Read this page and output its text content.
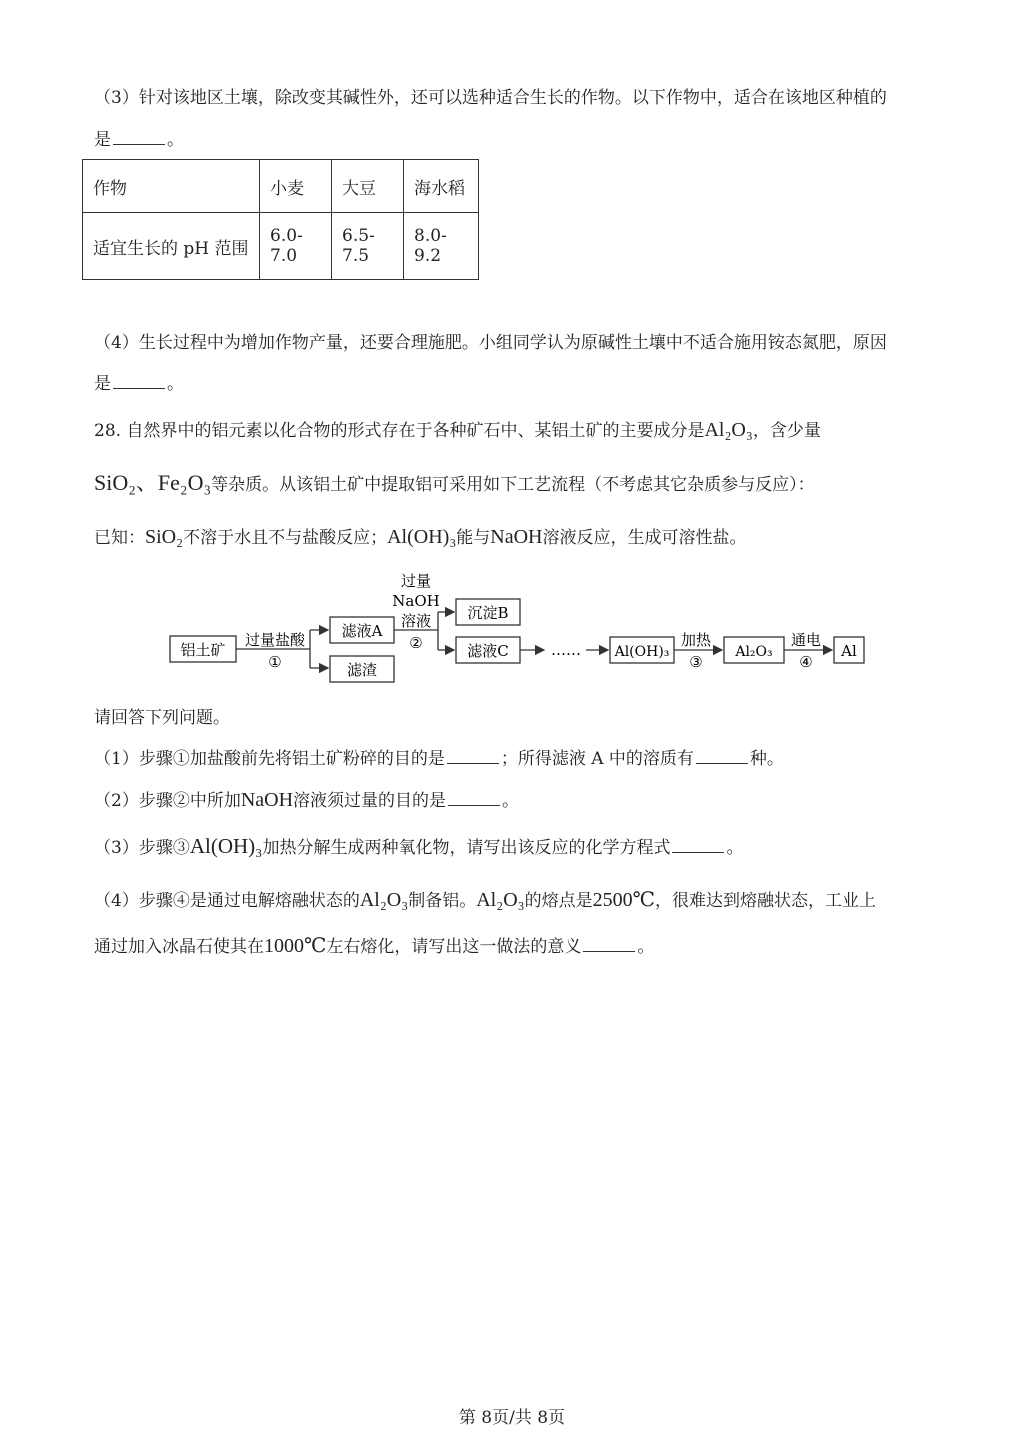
（3）针对该地区土壤，除改变其碱性外，还可以选种适合生长的作物。以下作物中，适合在该地区种植的
是	。
作物	小麦	大豆	海水稻
适宜生长的 pH 范围	6.0-7.0	6.5-7.5	8.0-9.2
（4）生长过程中为增加作物产量，还要合理施肥。小组同学认为原碱性土壤中不适合施用铵态氮肥，原因
是	。
28. 自然界中的铝元素以化合物的形式存在于各种矿石中、某铝土矿的主要成分是Al₂O₃，含少量
SiO₂、Fe₂O₃等杂质。从该铝土矿中提取铝可采用如下工艺流程（不考虑其它杂质参与反应）：
已知：SiO₂不溶于水且不与盐酸反应；Al(OH)₃能与NaOH溶液反应，生成可溶性盐。
铝土矿
过量盐酸
①
滤液A
滤渣
过量
NaOH
溶液
②
沉淀B
滤液C	…… Al(OH)₃
加热
③
Al₂O₃
通电
④
Al
请回答下列问题。
（1）步骤①加盐酸前先将铝土矿粉碎的目的是	；所得滤液 A 中的溶质有	种。
（2）步骤②中所加NaOH溶液须过量的目的是	。
（3）步骤③Al(OH)₃加热分解生成两种氧化物，请写出该反应的化学方程式	。
（4）步骤④是通过电解熔融状态的Al₂O₃制备铝。Al₂O₃的熔点是2500℃，很难达到熔融状态，工业上
通过加入冰晶石使其在1000℃左右熔化，请写出这一做法的意义	。
第 8页/共 8页
